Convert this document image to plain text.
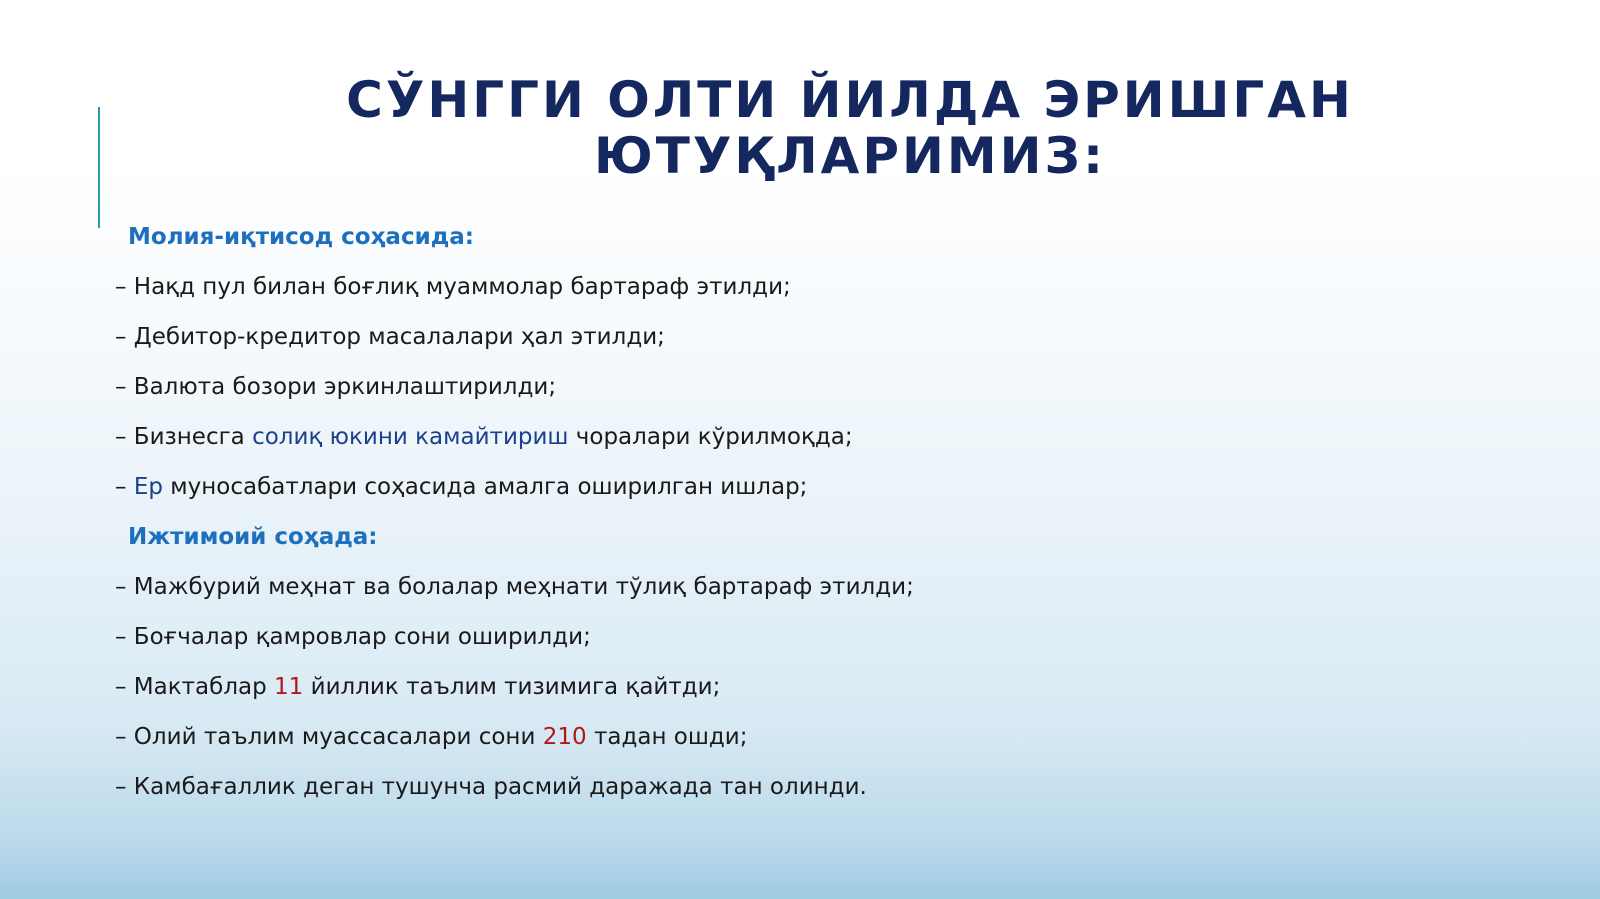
СЎНГГИ ОЛТИ ЙИЛДА ЭРИШГАН
ЮТУҚЛАРИМИЗ:
Молия-иқтисод соҳасида:
– Нақд пул билан боғлиқ муаммолар бартараф этилди;
– Дебитор-кредитор масалалари ҳал этилди;
– Валюта бозори эркинлаштирилди;
– Бизнесга солиқ юкини камайтириш чоралари кўрилмоқда;
– Ер муносабатлари соҳасида амалга оширилган ишлар;
Ижтимоий соҳада:
– Мажбурий меҳнат ва болалар меҳнати тўлиқ бартараф этилди;
– Боғчалар қамровлар сони оширилди;
– Мактаблар 11 йиллик таълим тизимига қайтди;
– Олий таълим муассасалари сони 210 тадан ошди;
– Камбағаллик деган тушунча расмий даражада тан олинди.
